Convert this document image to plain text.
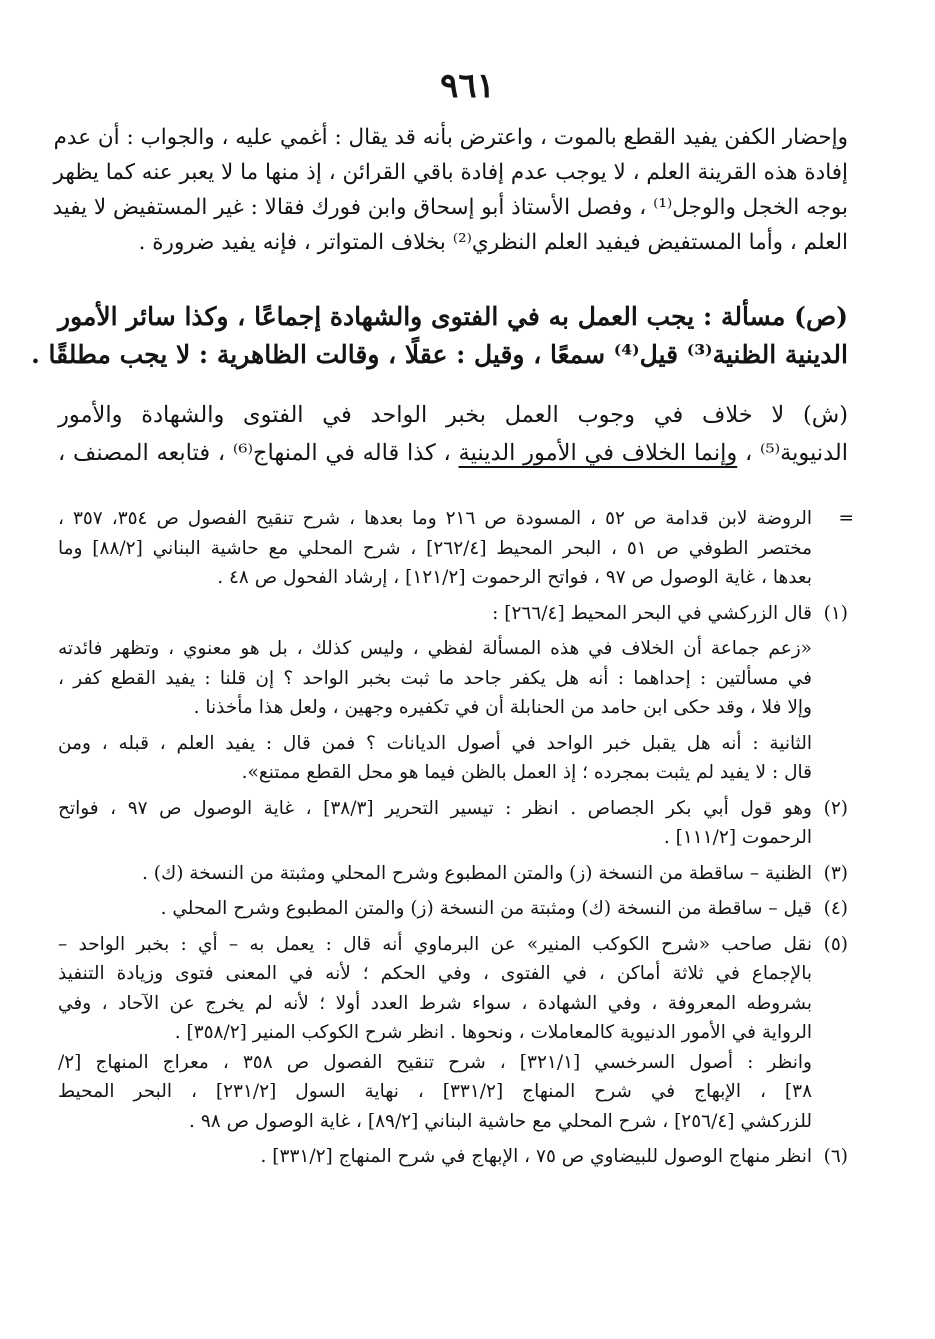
٩٦١
وإحضار الكفن يفيد القطع بالموت ، واعترض بأنه قد يقال : أغمي عليه ، والجواب : أن عدم
إفادة هذه القرينة العلم ، لا يوجب عدم إفادة باقي القرائن ، إذ منها ما لا يعبر عنه كما يظهر
بوجه الخجل والوجل⁽¹⁾ ، وفصل الأستاذ أبو إسحاق وابن فورك فقالا : غير المستفيض لا يفيد
العلم ، وأما المستفيض فيفيد العلم النظري⁽²⁾ بخلاف المتواتر ، فإنه يفيد ضرورة .
(ص) مسألة : يجب العمل به في الفتوى والشهادة إجماعًا ، وكذا سائر الأمور
الدينية الظنية⁽³⁾ قيل⁽⁴⁾ سمعًا ، وقيل : عقلًا ، وقالت الظاهرية : لا يجب مطلقًا .
(ش) لا خلاف في وجوب العمل بخبر الواحد في الفتوى والشهادة والأمور
الدنيوية⁽⁵⁾ ، وإنما الخلاف في الأمور الدينية ، كذا قاله في المنهاج⁽⁶⁾ ، فتابعه المصنف ،
=
الروضة لابن قدامة ص ٥٢ ، المسودة ص ٢١٦ وما بعدها ، شرح تنقيح الفصول ص ٣٥٤، ٣٥٧ ،
مختصر الطوفي ص ٥١ ، البحر المحيط [٢٦٢/٤] ، شرح المحلي مع حاشية البناني [٨٨/٢] وما
بعدها ، غاية الوصول ص ٩٧ ، فواتح الرحموت [١٢١/٢] ، إرشاد الفحول ص ٤٨ .
(١)
قال الزركشي في البحر المحيط [٢٦٦/٤] :
«زعم جماعة أن الخلاف في هذه المسألة لفظي ، وليس كذلك ، بل هو معنوي ، وتظهر فائدته
في مسألتين : إحداهما : أنه هل يكفر جاحد ما ثبت بخبر الواحد ؟ إن قلنا : يفيد القطع كفر ،
وإلا فلا ، وقد حكى ابن حامد من الحنابلة أن في تكفيره وجهين ، ولعل هذا مأخذنا .
الثانية : أنه هل يقبل خبر الواحد في أصول الديانات ؟ فمن قال : يفيد العلم ، قبله ، ومن
قال : لا يفيد لم يثبت بمجرده ؛ إذ العمل بالظن فيما هو محل القطع ممتنع».
(٢)
وهو قول أبي بكر الجصاص . انظر : تيسير التحرير [٣٨/٣] ، غاية الوصول ص ٩٧ ، فواتح
الرحموت [١١١/٢] .
(٣)
الظنية – ساقطة من النسخة (ز) والمتن المطبوع وشرح المحلي ومثبتة من النسخة (ك) .
(٤)
قيل – ساقطة من النسخة (ك) ومثبتة من النسخة (ز) والمتن المطبوع وشرح المحلي .
(٥)
نقل صاحب «شرح الكوكب المنير» عن البرماوي أنه قال : يعمل به – أي : بخبر الواحد –
بالإجماع في ثلاثة أماكن ، في الفتوى ، وفي الحكم ؛ لأنه في المعنى فتوى وزيادة التنفيذ
بشروطه المعروفة ، وفي الشهادة ، سواء شرط العدد أولا ؛ لأنه لم يخرج عن الآحاد ، وفي
الرواية في الأمور الدنيوية كالمعاملات ، ونحوها . انظر شرح الكوكب المنير [٣٥٨/٢] .
وانظر : أصول السرخسي [٣٢١/١] ، شرح تنقيح الفصول ص ٣٥٨ ، معراج المنهاج [٢/
٣٨] ، الإبهاج في شرح المنهاج [٣٣١/٢] ، نهاية السول [٢٣١/٢] ، البحر المحيط
للزركشي [٢٥٦/٤] ، شرح المحلي مع حاشية البناني [٨٩/٢] ، غاية الوصول ص ٩٨ .
(٦)
انظر منهاج الوصول للبيضاوي ص ٧٥ ، الإبهاج في شرح المنهاج [٣٣١/٢] .
